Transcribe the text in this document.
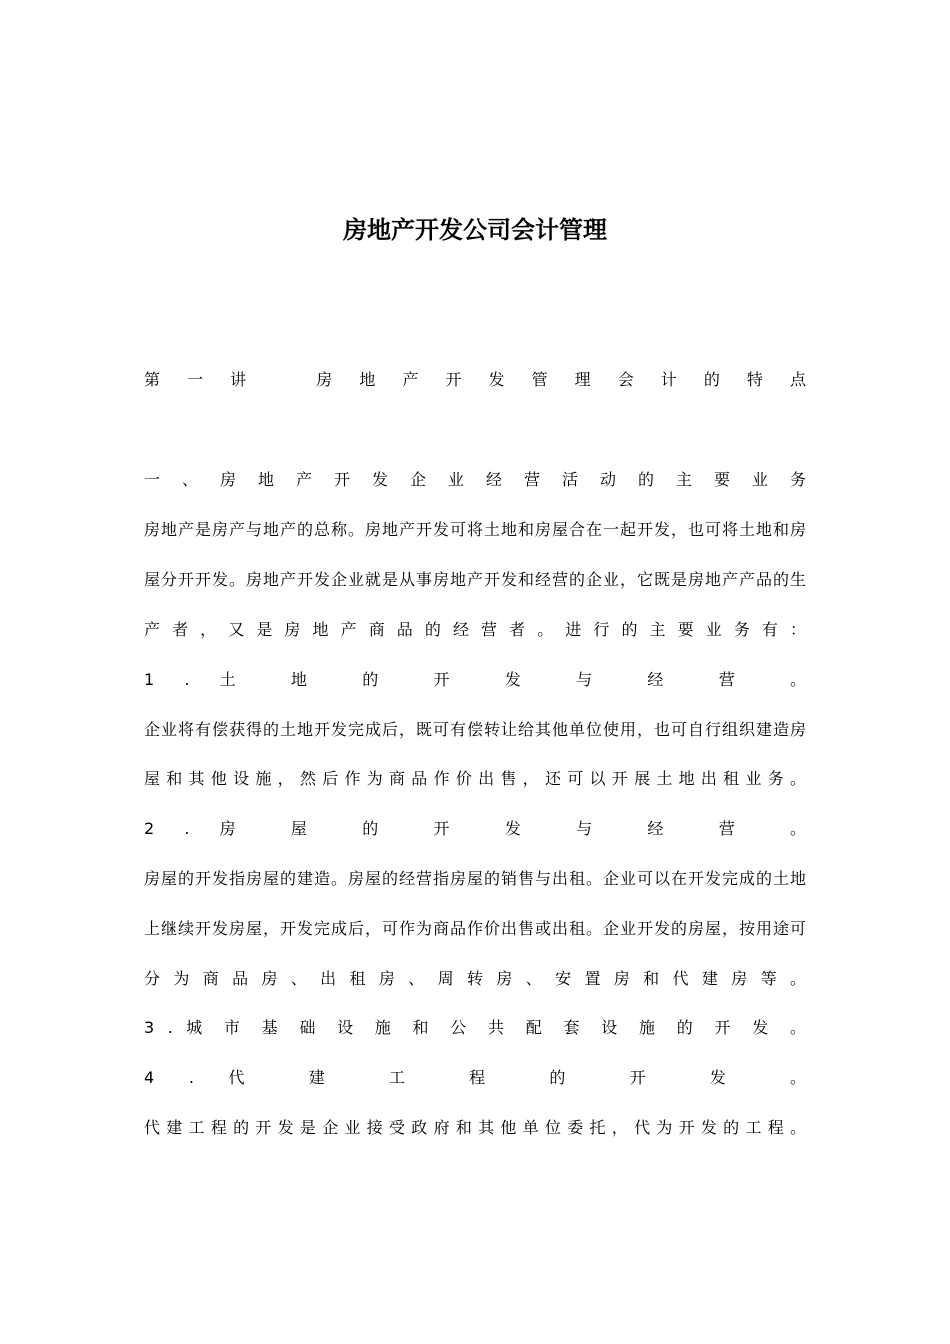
房地产开发公司会计管理
第 一 讲 　 房 地 产 开 发 管 理 会 计 的 特 点
一 、 房 地 产 开 发 企 业 经 营 活 动 的 主 要 业 务
房地产是房产与地产的总称。房地产开发可将土地和房屋合在一起开发，也可将土地和房
屋分开开发。房地产开发企业就是从事房地产开发和经营的企业，它既是房地产产品的生
产 者 ， 又 是 房 地 产 商 品 的 经 营 者 。 进 行 的 主 要 业 务 有 ：
1 . 土 地 的 开 发 与 经 营 。
企业将有偿获得的土地开发完成后，既可有偿转让给其他单位使用，也可自行组织建造房
屋 和 其 他 设 施 ， 然 后 作 为 商 品 作 价 出 售 ， 还 可 以 开 展 土 地 出 租 业 务 。
2 . 房 屋 的 开 发 与 经 营 。
房屋的开发指房屋的建造。房屋的经营指房屋的销售与出租。企业可以在开发完成的土地
上继续开发房屋，开发完成后，可作为商品作价出售或出租。企业开发的房屋，按用途可
分 为 商 品 房 、 出 租 房 、 周 转 房 、 安 置 房 和 代 建 房 等 。
3 . 城 市 基 础 设 施 和 公 共 配 套 设 施 的 开 发 。
4 . 代 建 工 程 的 开 发 。
代 建 工 程 的 开 发 是 企 业 接 受 政 府 和 其 他 单 位 委 托 ， 代 为 开 发 的 工 程 。
